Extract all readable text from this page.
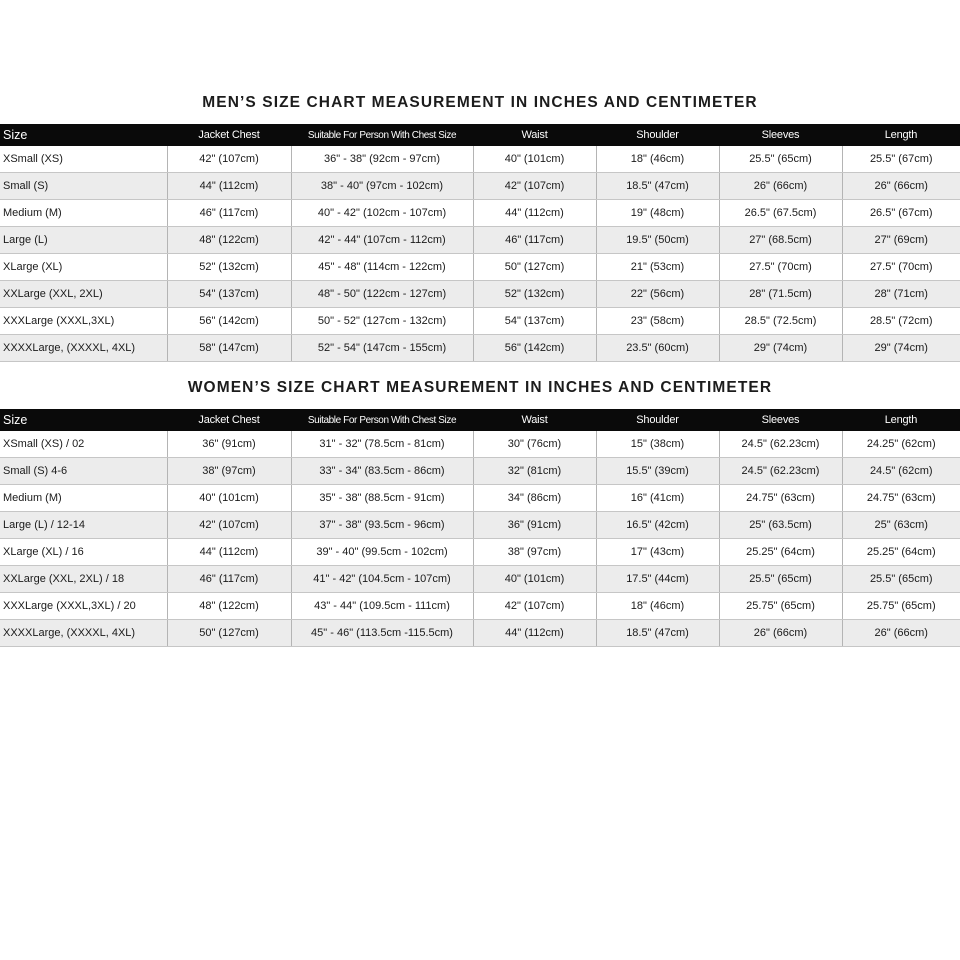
MEN’S SIZE CHART MEASUREMENT IN INCHES AND CENTIMETER
Size	Jacket Chest	Suitable For Person With Chest Size	Waist	Shoulder	Sleeves	Length
XSmall (XS)	42" (107cm)	36" - 38" (92cm - 97cm)	40" (101cm)	18" (46cm)	25.5" (65cm)	25.5" (67cm)
Small (S)	44" (112cm)	38" - 40" (97cm - 102cm)	42" (107cm)	18.5" (47cm)	26" (66cm)	26" (66cm)
Medium (M)	46" (117cm)	40" - 42" (102cm - 107cm)	44" (112cm)	19" (48cm)	26.5" (67.5cm)	26.5" (67cm)
Large (L)	48" (122cm)	42" - 44" (107cm - 112cm)	46" (117cm)	19.5" (50cm)	27" (68.5cm)	27" (69cm)
XLarge (XL)	52" (132cm)	45" - 48" (114cm - 122cm)	50" (127cm)	21" (53cm)	27.5" (70cm)	27.5" (70cm)
XXLarge (XXL, 2XL)	54" (137cm)	48" - 50" (122cm - 127cm)	52" (132cm)	22" (56cm)	28" (71.5cm)	28" (71cm)
XXXLarge (XXXL,3XL)	56" (142cm)	50" - 52" (127cm - 132cm)	54" (137cm)	23" (58cm)	28.5" (72.5cm)	28.5" (72cm)
XXXXLarge, (XXXXL, 4XL)	58" (147cm)	52" - 54" (147cm - 155cm)	56" (142cm)	23.5" (60cm)	29" (74cm)	29" (74cm)
WOMEN’S SIZE CHART MEASUREMENT IN INCHES AND CENTIMETER
Size	Jacket Chest	Suitable For Person With Chest Size	Waist	Shoulder	Sleeves	Length
XSmall (XS) / 02	36" (91cm)	31" - 32" (78.5cm - 81cm)	30" (76cm)	15" (38cm)	24.5" (62.23cm)	24.25" (62cm)
Small (S) 4-6	38" (97cm)	33" - 34" (83.5cm - 86cm)	32" (81cm)	15.5" (39cm)	24.5" (62.23cm)	24.5" (62cm)
Medium (M)	40" (101cm)	35" - 38" (88.5cm - 91cm)	34" (86cm)	16" (41cm)	24.75" (63cm)	24.75" (63cm)
Large (L) / 12-14	42" (107cm)	37" - 38" (93.5cm - 96cm)	36" (91cm)	16.5" (42cm)	25" (63.5cm)	25" (63cm)
XLarge (XL) / 16	44" (112cm)	39" - 40" (99.5cm - 102cm)	38" (97cm)	17" (43cm)	25.25" (64cm)	25.25" (64cm)
XXLarge (XXL, 2XL) / 18	46" (117cm)	41" - 42" (104.5cm - 107cm)	40" (101cm)	17.5" (44cm)	25.5" (65cm)	25.5" (65cm)
XXXLarge (XXXL,3XL) / 20	48" (122cm)	43" - 44" (109.5cm - 111cm)	42" (107cm)	18" (46cm)	25.75" (65cm)	25.75" (65cm)
XXXXLarge, (XXXXL, 4XL)	50" (127cm)	45" - 46" (113.5cm -115.5cm)	44" (112cm)	18.5" (47cm)	26" (66cm)	26" (66cm)
